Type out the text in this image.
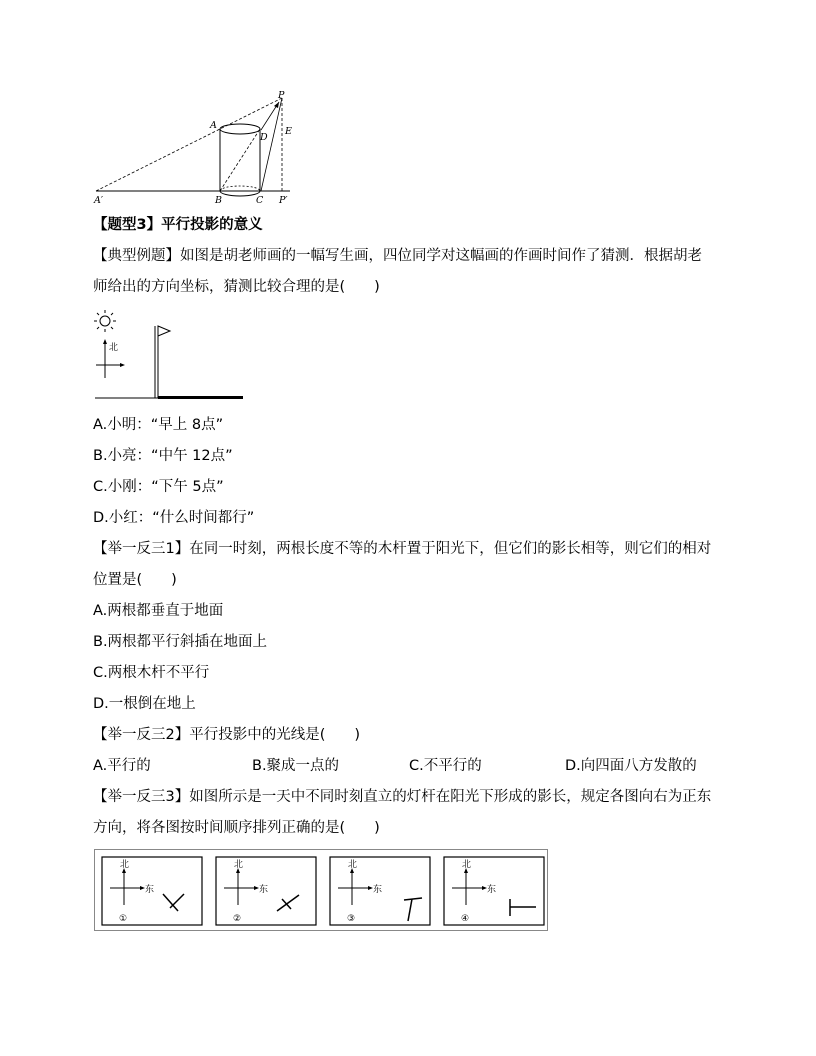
P
A
D
E
A′	B	C P′
【题型3】平行投影的意义
【典型例题】如图是胡老师画的一幅写生画，四位同学对这幅画的作画时间作了猜测．根据胡老
师给出的方向坐标，猜测比较合理的是(　　)
北
A.小明：“早上 8点”
B.小亮：“中午 12点”
C.小刚：“下午 5点”
D.小红：“什么时间都行”
【举一反三1】在同一时刻，两根长度不等的木杆置于阳光下，但它们的影长相等，则它们的相对
位置是(　　)
A.两根都垂直于地面
B.两根都平行斜插在地面上
C.两根木杆不平行
D.一根倒在地上
【举一反三2】平行投影中的光线是(　　)
A.平行的	B.聚成一点的	C.不平行的	D.向四面八方发散的
【举一反三3】如图所示是一天中不同时刻直立的灯杆在阳光下形成的影长，规定各图向右为正东
方向，将各图按时间顺序排列正确的是(　　)
北
东
①
北
东
②
北
东
③
北
东
④
